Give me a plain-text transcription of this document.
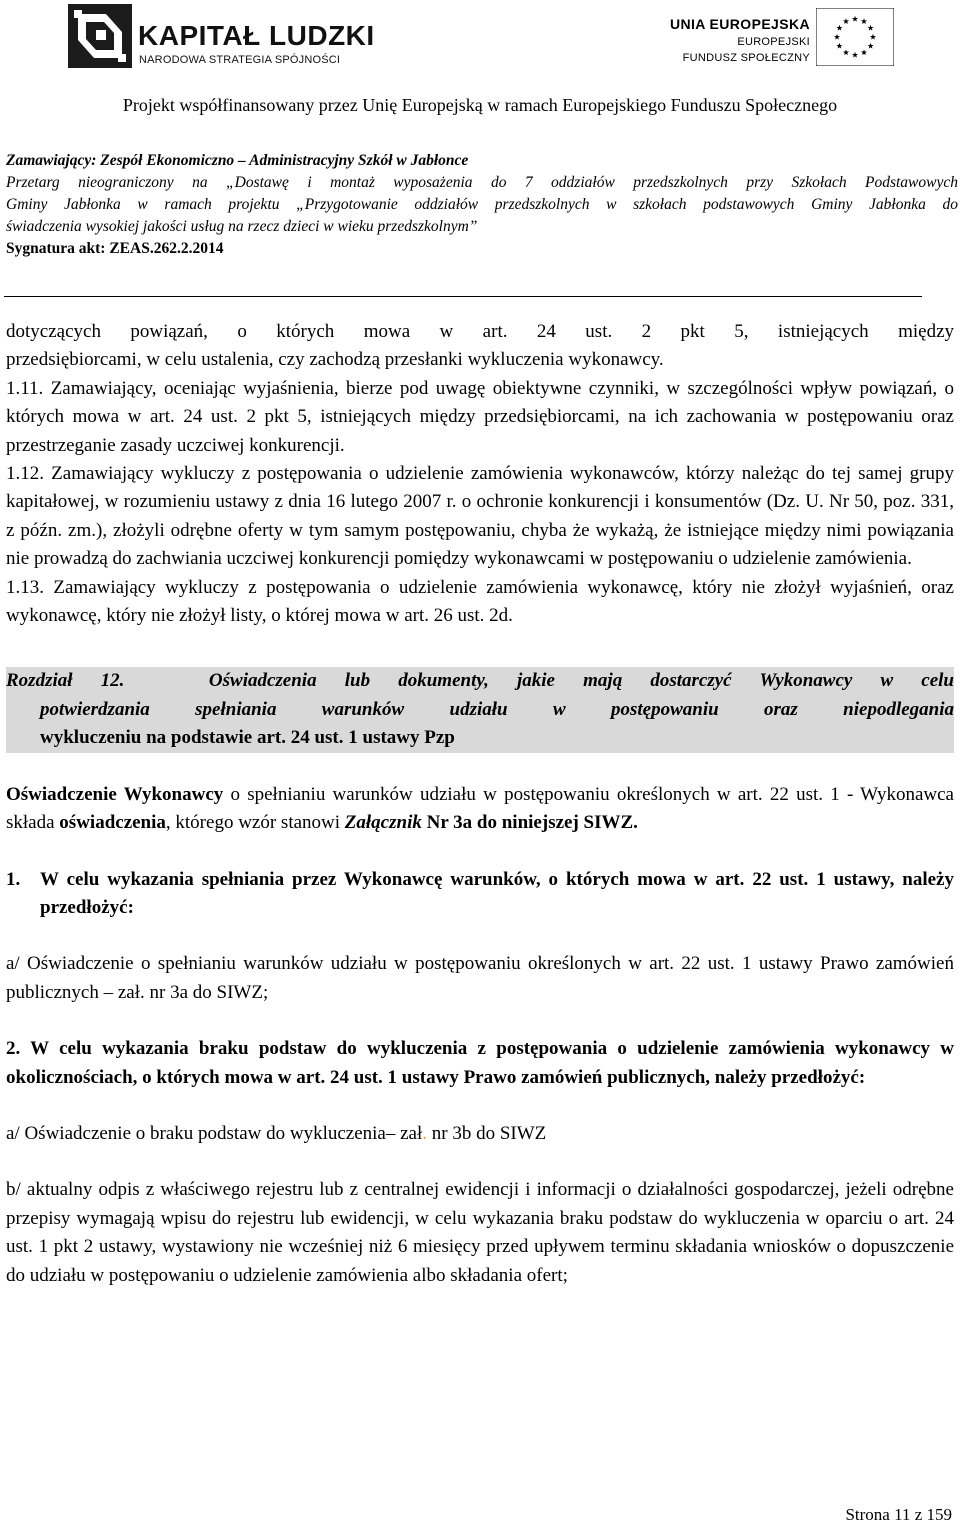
KAPITAŁ LUDZKI
NARODOWA STRATEGIA SPÓJNOŚCI
UNIA EUROPEJSKA
EUROPEJSKI
FUNDUSZ SPOŁECZNY
Projekt współfinansowany przez Unię Europejską w ramach Europejskiego Funduszu Społecznego
Zamawiający: Zespół Ekonomiczno – Administracyjny Szkół w Jabłonce
Przetarg nieograniczony na „Dostawę i montaż wyposażenia do 7 oddziałów przedszkolnych przy Szkołach Podstawowych
Gminy Jabłonka w ramach projektu „Przygotowanie oddziałów przedszkolnych w szkołach podstawowych Gminy Jabłonka do
świadczenia wysokiej jakości usług na rzecz dzieci w wieku przedszkolnym”
Sygnatura akt: ZEAS.262.2.2014

dotyczących powiązań, o których mowa w art. 24 ust. 2 pkt 5, istniejących między

przedsiębiorcami, w celu ustalenia, czy zachodzą przesłanki wykluczenia wykonawcy.

1.11. Zamawiający, oceniając wyjaśnienia, bierze pod uwagę obiektywne czynniki, w szczególności wpływ powiązań, o których mowa w art. 24 ust. 2 pkt 5, istniejących między przedsiębiorcami, na ich zachowania w postępowaniu oraz przestrzeganie zasady uczciwej konkurencji.

1.12. Zamawiający wykluczy z postępowania o udzielenie zamówienia wykonawców, którzy należąc do tej samej grupy kapitałowej, w rozumieniu ustawy z dnia 16 lutego 2007 r. o ochronie konkurencji i konsumentów (Dz. U. Nr 50, poz. 331, z późn. zm.), złożyli odrębne oferty w tym samym postępowaniu, chyba że wykażą, że istniejące między nimi powiązania nie prowadzą do zachwiania uczciwej konkurencji pomiędzy wykonawcami w postępowaniu o udzielenie zamówienia.

1.13. Zamawiający wykluczy z postępowania o udzielenie zamówienia wykonawcę, który nie złożył wyjaśnień, oraz wykonawcę, który nie złożył listy, o której mowa w art. 26 ust. 2d.

Rozdział 12.	Oświadczenia lub dokumenty, jakie mają dostarczyć Wykonawcy w celu
potwierdzania spełniania warunków udziału w postępowaniu oraz niepodlegania
wykluczeniu na podstawie art. 24 ust. 1 ustawy Pzp

Oświadczenie Wykonawcy o spełnianiu warunków udziału w postępowaniu określonych w art. 22 ust. 1 - Wykonawca składa oświadczenia, którego wzór stanowi Załącznik Nr 3a do niniejszej SIWZ.

1.	W celu wykazania spełniania przez Wykonawcę warunków, o których mowa w art. 22 ust. 1 ustawy, należy przedłożyć:

a/ Oświadczenie o spełnianiu warunków udziału w postępowaniu określonych w art. 22 ust. 1 ustawy Prawo zamówień publicznych – zał. nr 3a do SIWZ;

2. W celu wykazania braku podstaw do wykluczenia z postępowania o udzielenie zamówienia wykonawcy w okolicznościach, o których mowa w art. 24 ust. 1 ustawy Prawo zamówień publicznych, należy przedłożyć:

a/ Oświadczenie o braku podstaw do wykluczenia– zał. nr 3b do SIWZ

b/ aktualny odpis z właściwego rejestru lub z centralnej ewidencji i informacji o działalności gospodarczej, jeżeli odrębne przepisy wymagają wpisu do rejestru lub ewidencji, w celu wykazania braku podstaw do wykluczenia w oparciu o art. 24 ust. 1 pkt 2 ustawy, wystawiony nie wcześniej niż 6 miesięcy przed upływem terminu składania wniosków o dopuszczenie do udziału w postępowaniu o udzielenie zamówienia albo składania ofert;

Strona 11 z 159
